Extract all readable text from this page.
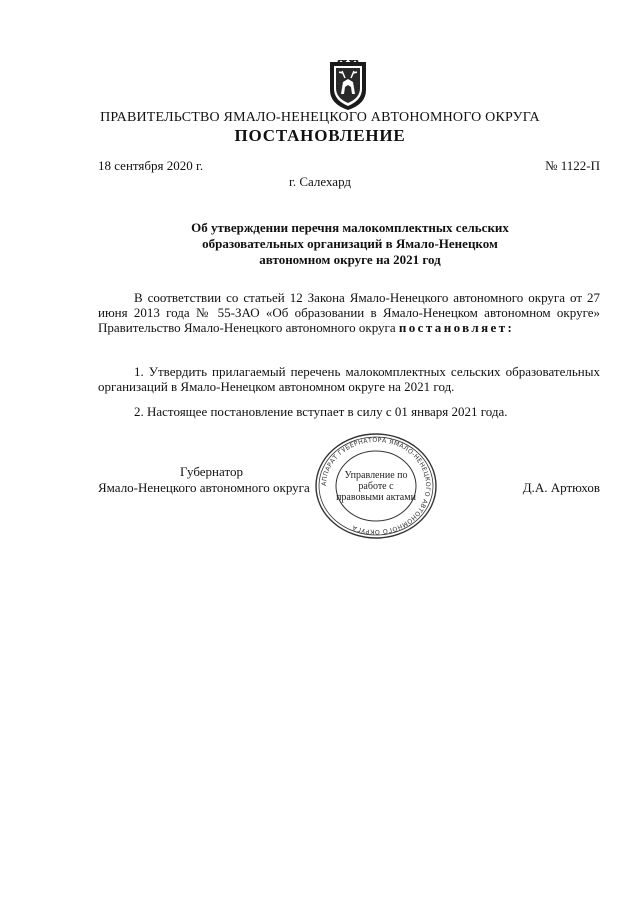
ПРАВИТЕЛЬСТВО ЯМАЛО-НЕНЕЦКОГО АВТОНОМНОГО ОКРУГА
ПОСТАНОВЛЕНИЕ
18 сентября 2020 г.	№ 1122-П
г. Салехард
Об утверждении перечня малокомплектных сельских
образовательных организаций в Ямало-Ненецком
автономном округе на 2021 год
В соответствии со статьей 12 Закона Ямало-Ненецкого автономного округа от 27 июня 2013 года № 55-ЗАО «Об образовании в Ямало-Ненецком автономном округе» Правительство Ямало-Ненецкого автономного округа постановляет:
1. Утвердить прилагаемый перечень малокомплектных сельских образовательных организаций в Ямало-Ненецком автономном округе на 2021 год.
2. Настоящее постановление вступает в силу с 01 января 2021 года.
Губернатор
Ямало-Ненецкого автономного округа	Д.А. Артюхов
АППАРАТ ГУБЕРНАТОРА ЯМАЛО-НЕНЕЦКОГО АВТОНОМНОГО ОКРУГА
Управление по работе с правовыми актами
